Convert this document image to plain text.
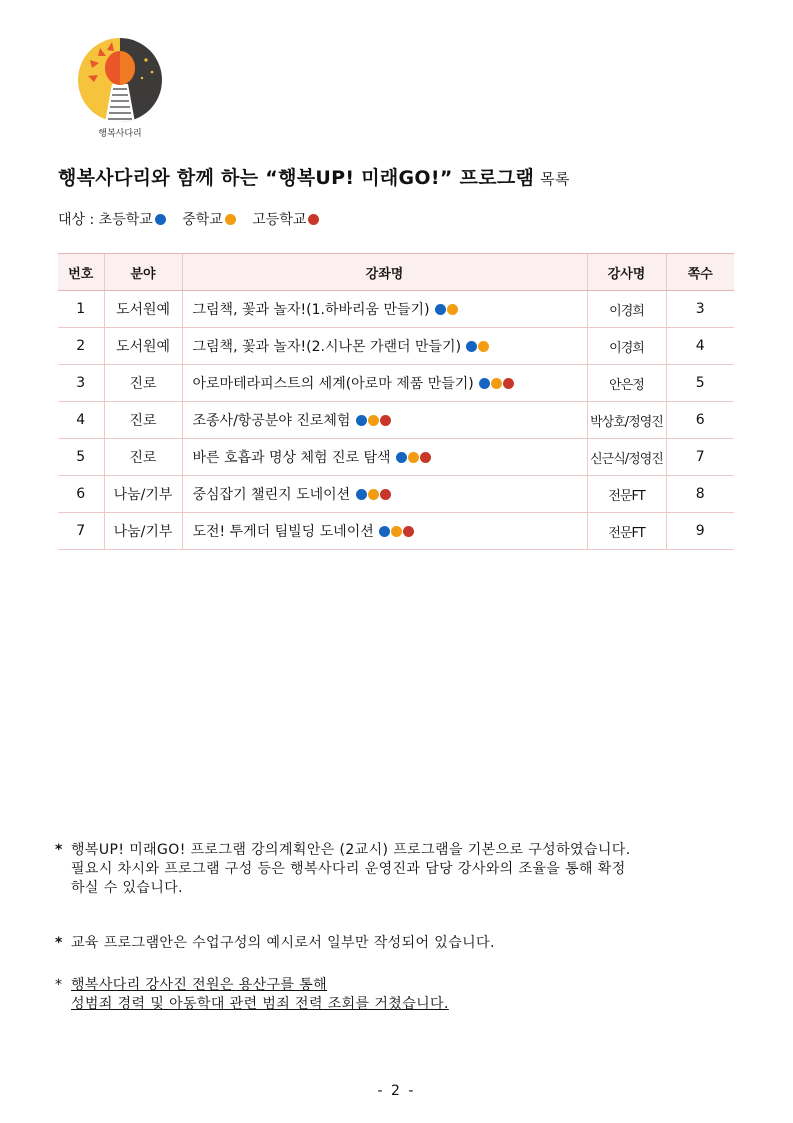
행복사다리
행복사다리와 함께 하는 “행복UP! 미래GO!” 프로그램 목록
대상 : 초등학교 중학교 고등학교
번호	분야	강좌명	강사명	쪽수
1	도서원예	그림책, 꽃과 놀자!(1.하바리움 만들기)	이경희	3
2	도서원예	그림책, 꽃과 놀자!(2.시나몬 가랜더 만들기)	이경희	4
3	진로	아로마테라피스트의 세계(아로마 제품 만들기)	안은정	5
4	진로	조종사/항공분야 진로체험	박상호/정영진	6
5	진로	바른 호흡과 명상 체험 진로 탐색	신근식/정영진	7
6	나눔/기부	중심잡기 챌린지 도네이션	전문FT	8
7	나눔/기부	도전! 투게더 팀빌딩 도네이션	전문FT	9
* 행복UP! 미래GO! 프로그램 강의계획안은 (2교시) 프로그램을 기본으로 구성하였습니다.
필요시 차시와 프로그램 구성 등은 행복사다리 운영진과 담당 강사와의 조율을 통해 확정
하실 수 있습니다.
* 교육 프로그램안은 수업구성의 예시로서 일부만 작성되어 있습니다.
* 행복사다리 강사진 전원은 용산구를 통해
성범죄 경력 및 아동학대 관련 범죄 전력 조회를 거쳤습니다.
- 2 -
